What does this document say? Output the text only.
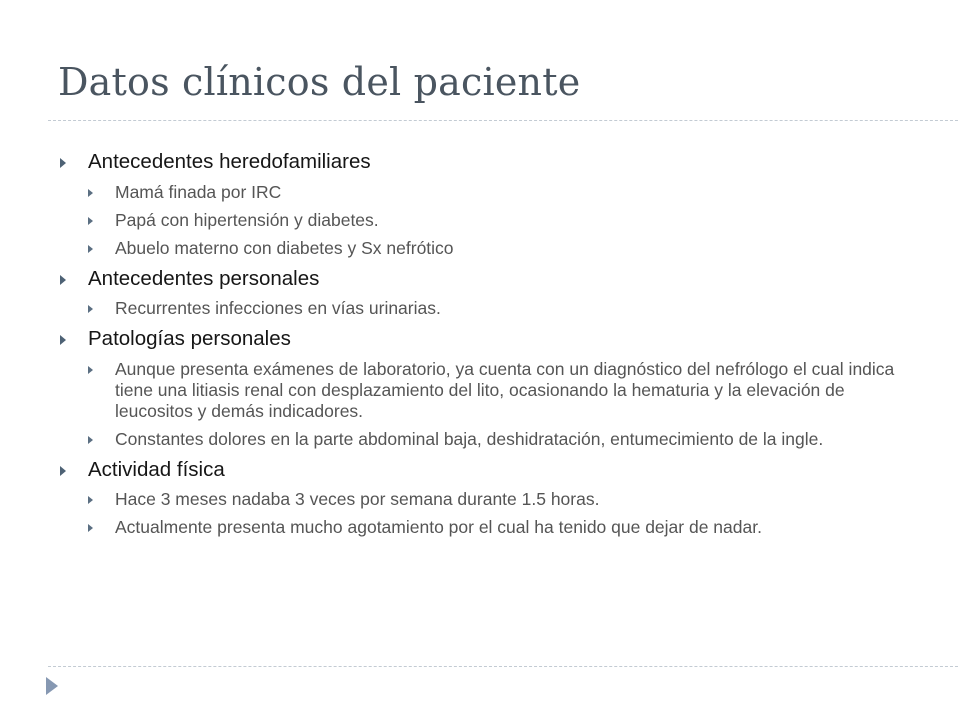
Datos clínicos del paciente
Antecedentes heredofamiliares
Mamá finada por IRC
Papá con hipertensión y diabetes.
Abuelo materno con diabetes y Sx nefrótico
Antecedentes personales
Recurrentes infecciones en vías urinarias.
Patologías personales
Aunque presenta exámenes de laboratorio, ya cuenta con un diagnóstico del nefrólogo el cual indica tiene una litiasis renal con desplazamiento del lito, ocasionando la hematuria y la elevación de leucositos y demás indicadores.
Constantes dolores en la parte abdominal baja, deshidratación, entumecimiento de la ingle.
Actividad física
Hace 3 meses nadaba 3 veces por semana durante 1.5 horas.
Actualmente presenta mucho agotamiento por el cual ha tenido que dejar de nadar.
